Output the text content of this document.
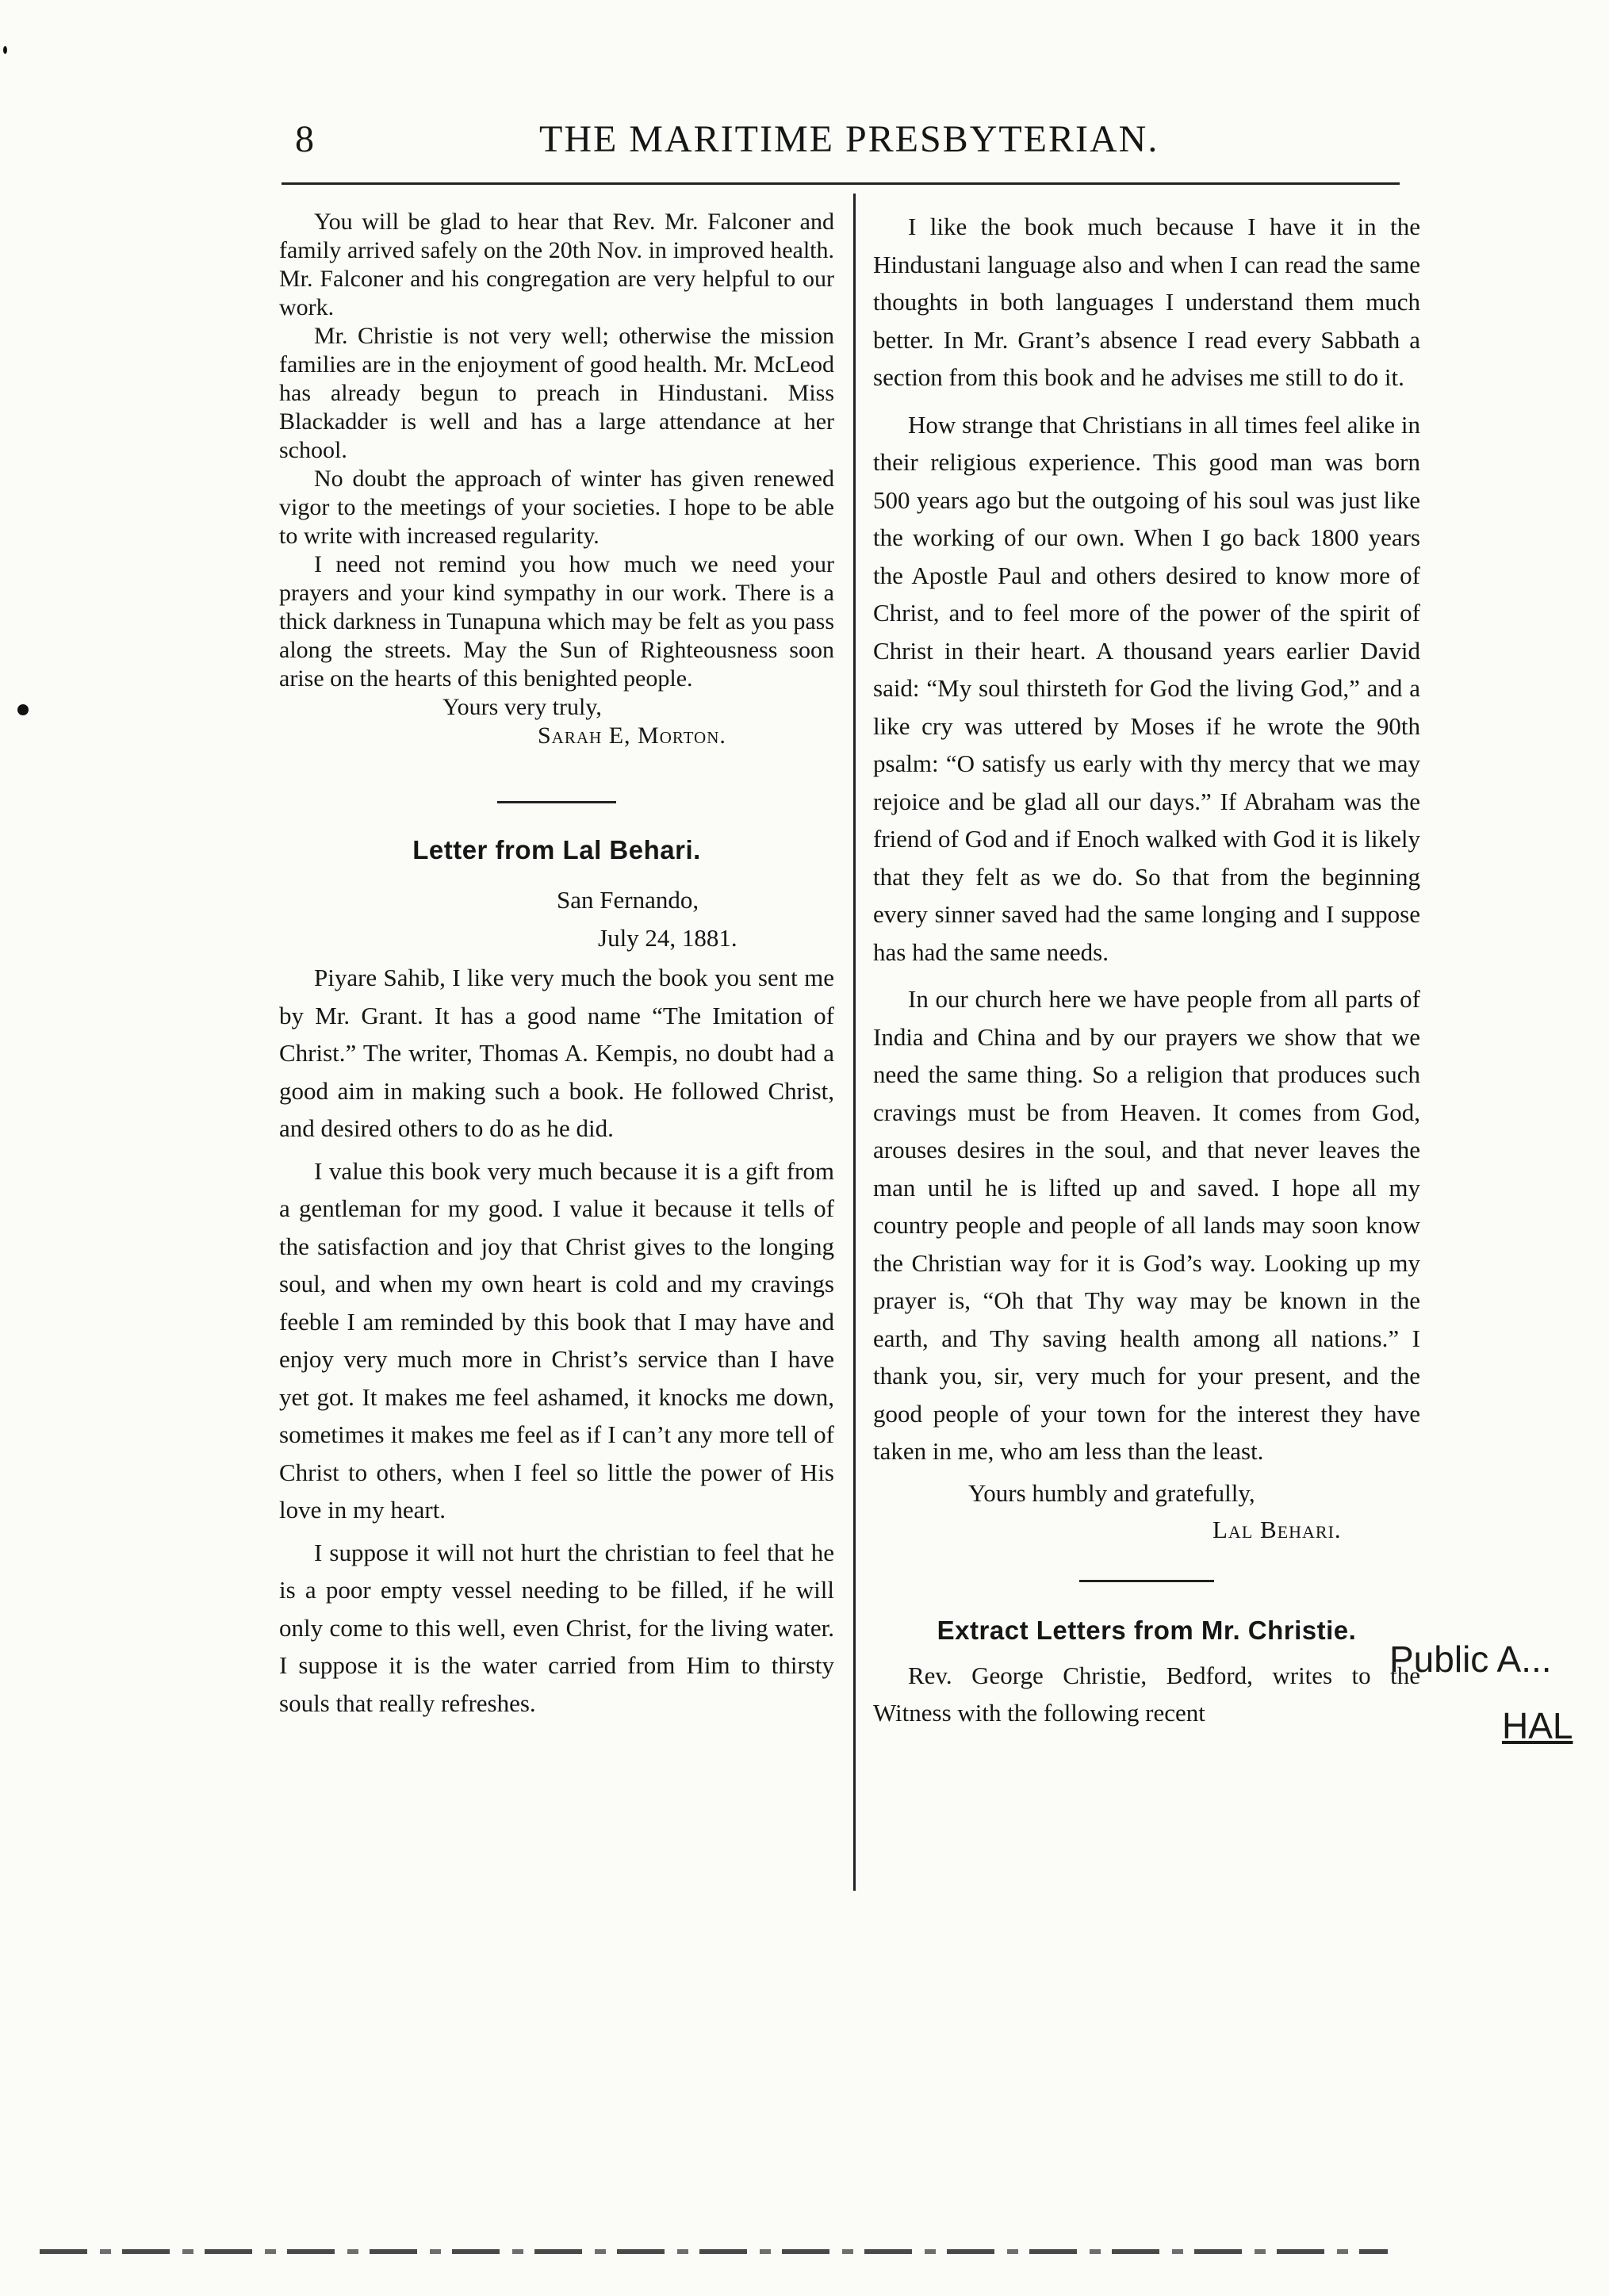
8	THE MARITIME PRESBYTERIAN.

You will be glad to hear that Rev. Mr. Falconer and family arrived safely on the 20th Nov. in improved health. Mr. Falconer and his congregation are very helpful to our work.

Mr. Christie is not very well; otherwise the mission families are in the enjoyment of good health. Mr. McLeod has already begun to preach in Hindustani. Miss Blackadder is well and has a large attendance at her school.

No doubt the approach of winter has given renewed vigor to the meetings of your societies. I hope to be able to write with increased regularity.

I need not remind you how much we need your prayers and your kind sympathy in our work. There is a thick darkness in Tunapuna which may be felt as you pass along the streets. May the Sun of Righteousness soon arise on the hearts of this benighted people.

Yours very truly,
Sarah E, Morton.
Letter from Lal Behari.
San Fernando,
July 24, 1881.

Piyare Sahib, I like very much the book you sent me by Mr. Grant. It has a good name “The Imitation of Christ.” The writer, Thomas A. Kempis, no doubt had a good aim in making such a book. He followed Christ, and desired others to do as he did.

I value this book very much because it is a gift from a gentleman for my good. I value it because it tells of the satisfaction and joy that Christ gives to the longing soul, and when my own heart is cold and my cravings feeble I am reminded by this book that I may have and enjoy very much more in Christ’s service than I have yet got. It makes me feel ashamed, it knocks me down, sometimes it makes me feel as if I can’t any more tell of Christ to others, when I feel so little the power of His love in my heart.

I suppose it will not hurt the christian to feel that he is a poor empty vessel needing to be filled, if he will only come to this well, even Christ, for the living water. I suppose it is the water carried from Him to thirsty souls that really refreshes.

I like the book much because I have it in the Hindustani language also and when I can read the same thoughts in both languages I understand them much better. In Mr. Grant’s absence I read every Sabbath a section from this book and he advises me still to do it.

How strange that Christians in all times feel alike in their religious experience. This good man was born 500 years ago but the outgoing of his soul was just like the working of our own. When I go back 1800 years the Apostle Paul and others desired to know more of Christ, and to feel more of the power of the spirit of Christ in their heart. A thousand years earlier David said: “My soul thirsteth for God the living God,” and a like cry was uttered by Moses if he wrote the 90th psalm: “O satisfy us early with thy mercy that we may rejoice and be glad all our days.” If Abraham was the friend of God and if Enoch walked with God it is likely that they felt as we do. So that from the beginning every sinner saved had the same longing and I suppose has had the same needs.

In our church here we have people from all parts of India and China and by our prayers we show that we need the same thing. So a religion that produces such cravings must be from Heaven. It comes from God, arouses desires in the soul, and that never leaves the man until he is lifted up and saved. I hope all my country people and people of all lands may soon know the Christian way for it is God’s way. Looking up my prayer is, “Oh that Thy way may be known in the earth, and Thy saving health among all nations.” I thank you, sir, very much for your present, and the good people of your town for the interest they have taken in me, who am less than the least.

Yours humbly and gratefully,
Lal Behari.
Extract Letters from Mr. Christie.

Rev. George Christie, Bedford, writes to the Witness with the following recent

Public A...
HAL
